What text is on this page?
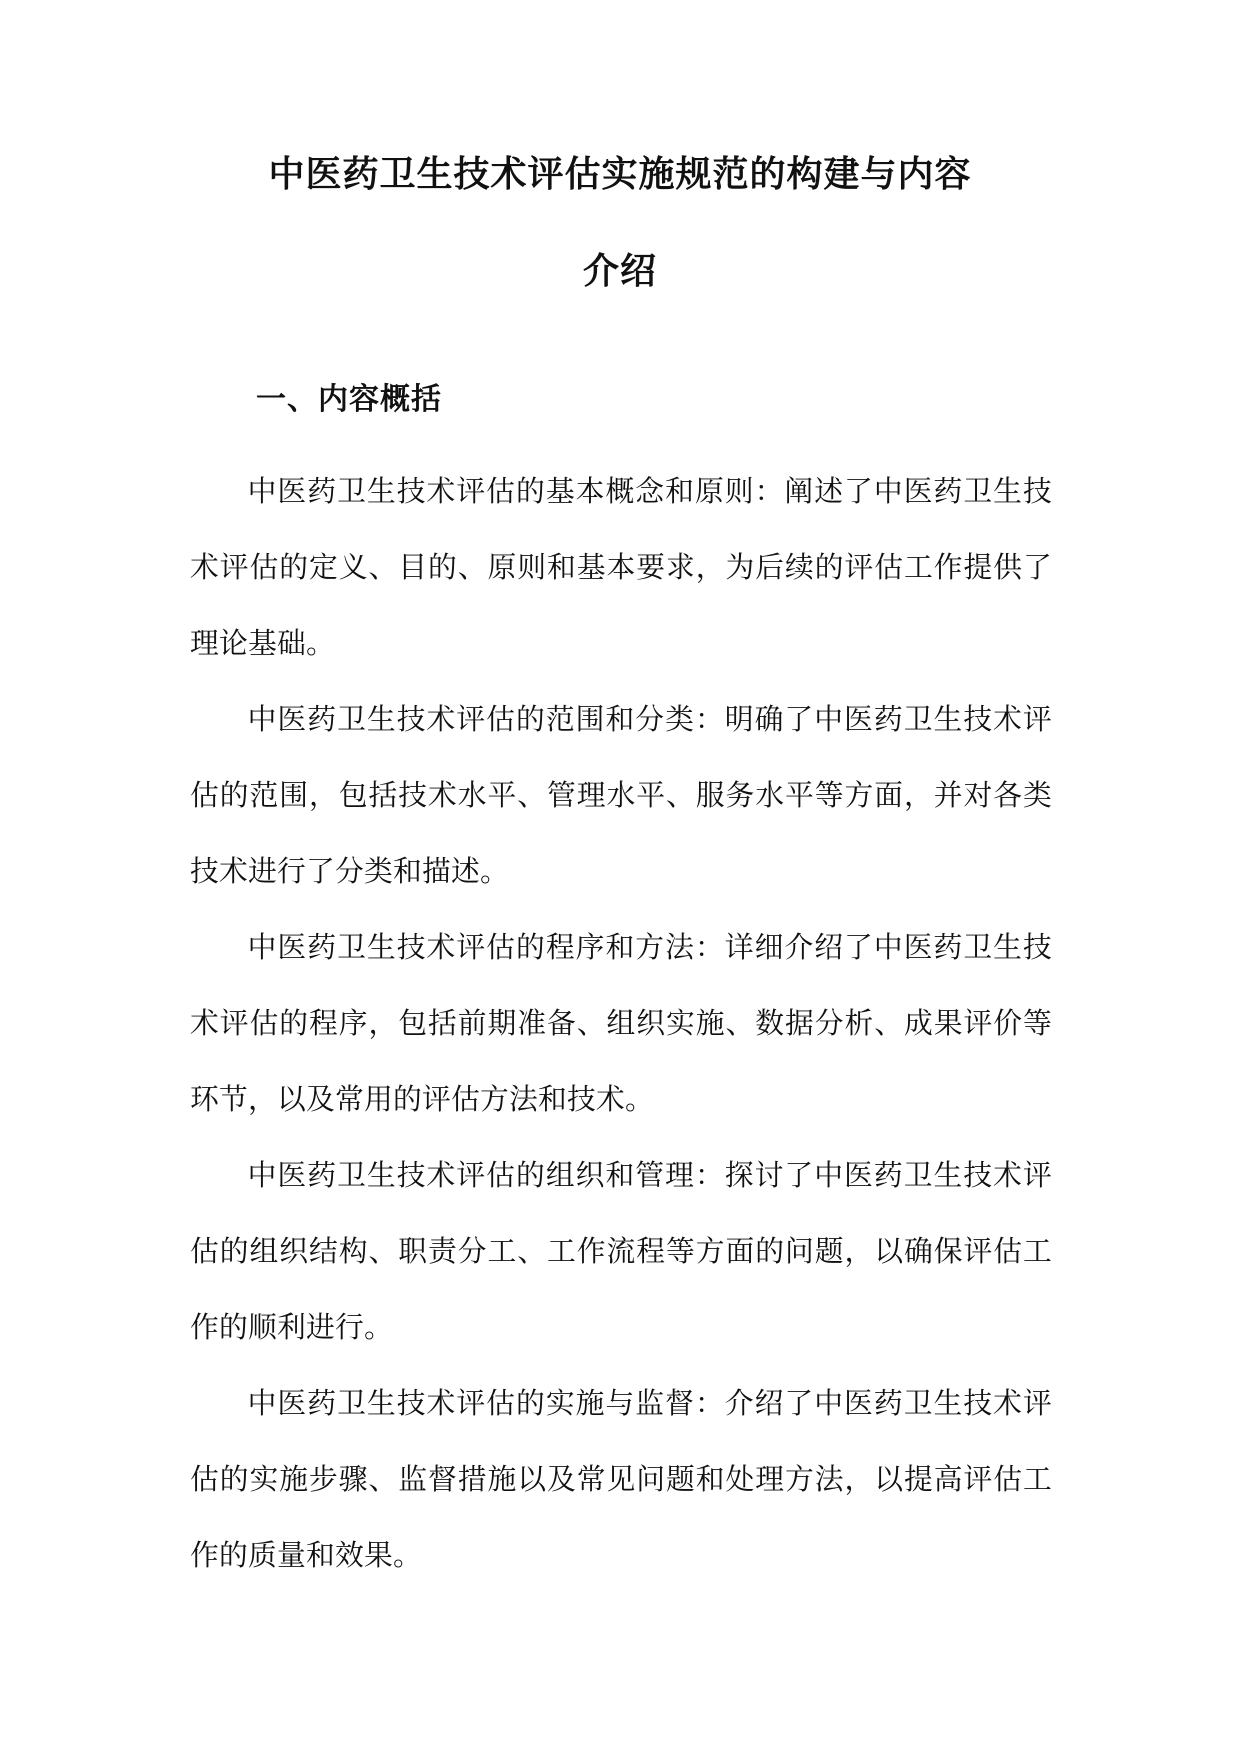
中医药卫生技术评估实施规范的构建与内容
介绍
一、内容概括

中医药卫生技术评估的基本概念和原则：阐述了中医药卫生技术评估的定义、目的、原则和基本要求，为后续的评估工作提供了理论基础。

中医药卫生技术评估的范围和分类：明确了中医药卫生技术评估的范围，包括技术水平、管理水平、服务水平等方面，并对各类技术进行了分类和描述。

中医药卫生技术评估的程序和方法：详细介绍了中医药卫生技术评估的程序，包括前期准备、组织实施、数据分析、成果评价等环节，以及常用的评估方法和技术。

中医药卫生技术评估的组织和管理：探讨了中医药卫生技术评估的组织结构、职责分工、工作流程等方面的问题，以确保评估工作的顺利进行。

中医药卫生技术评估的实施与监督：介绍了中医药卫生技术评估的实施步骤、监督措施以及常见问题和处理方法，以提高评估工作的质量和效果。
